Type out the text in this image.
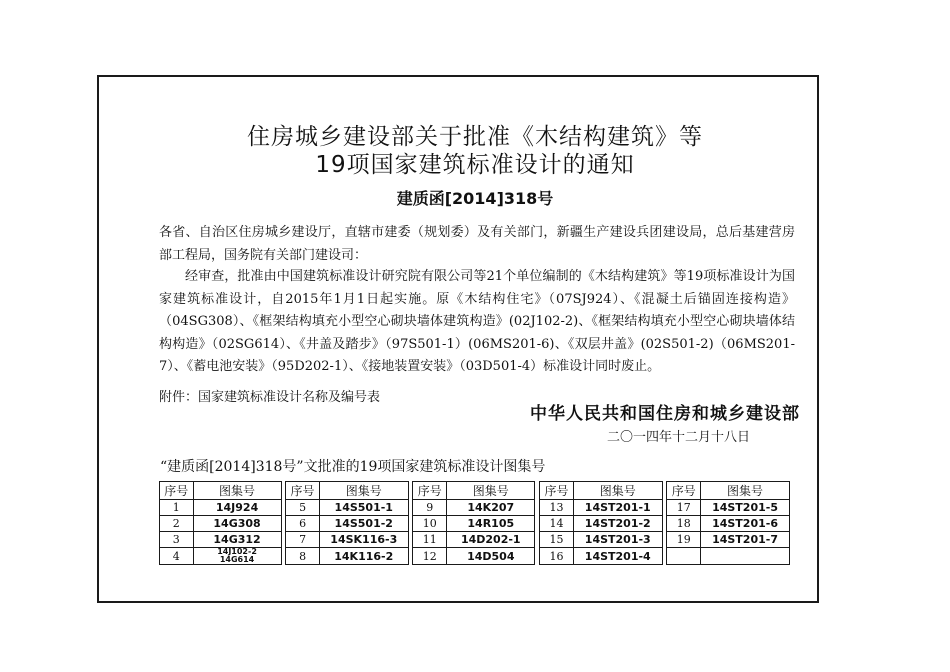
住房城乡建设部关于批准《木结构建筑》等
19项国家建筑标准设计的通知
建质函[2014]318号
各省、自治区住房城乡建设厅，直辖市建委（规划委）及有关部门，新疆生产建设兵团建设局，总后基建营房部工程局，国务院有关部门建设司：
经审查，批准由中国建筑标准设计研究院有限公司等21个单位编制的《木结构建筑》等19项标准设计为国家建筑标准设计，自2015年1月1日起实施。原《木结构住宅》（07SJ924）、《混凝土后锚固连接构造》（04SG308）、《框架结构填充小型空心砌块墙体建筑构造》(02J102-2)、《框架结构填充小型空心砌块墙体结构构造》（02SG614）、《井盖及踏步》（97S501-1）(06MS201-6)、《双层井盖》(02S501-2)（06MS201-7）、《蓄电池安装》（95D202-1）、《接地装置安装》（03D501-4）标准设计同时废止。
附件：国家建筑标准设计名称及编号表
中华人民共和国住房和城乡建设部
二〇一四年十二月十八日
“建质函[2014]318号”文批准的19项国家建筑标准设计图集号
序号	图集号		序号	图集号		序号	图集号		序号	图集号		序号	图集号
1	14J924		5	14S501-1		9	14K207		13	14ST201-1		17	14ST201-5
2	14G308		6	14S501-2		10	14R105		14	14ST201-2		18	14ST201-6
3	14G312		7	14SK116-3		11	14D202-1		15	14ST201-3		19	14ST201-7
4	14J102-2
14G614		8	14K116-2		12	14D504		16	14ST201-4			
